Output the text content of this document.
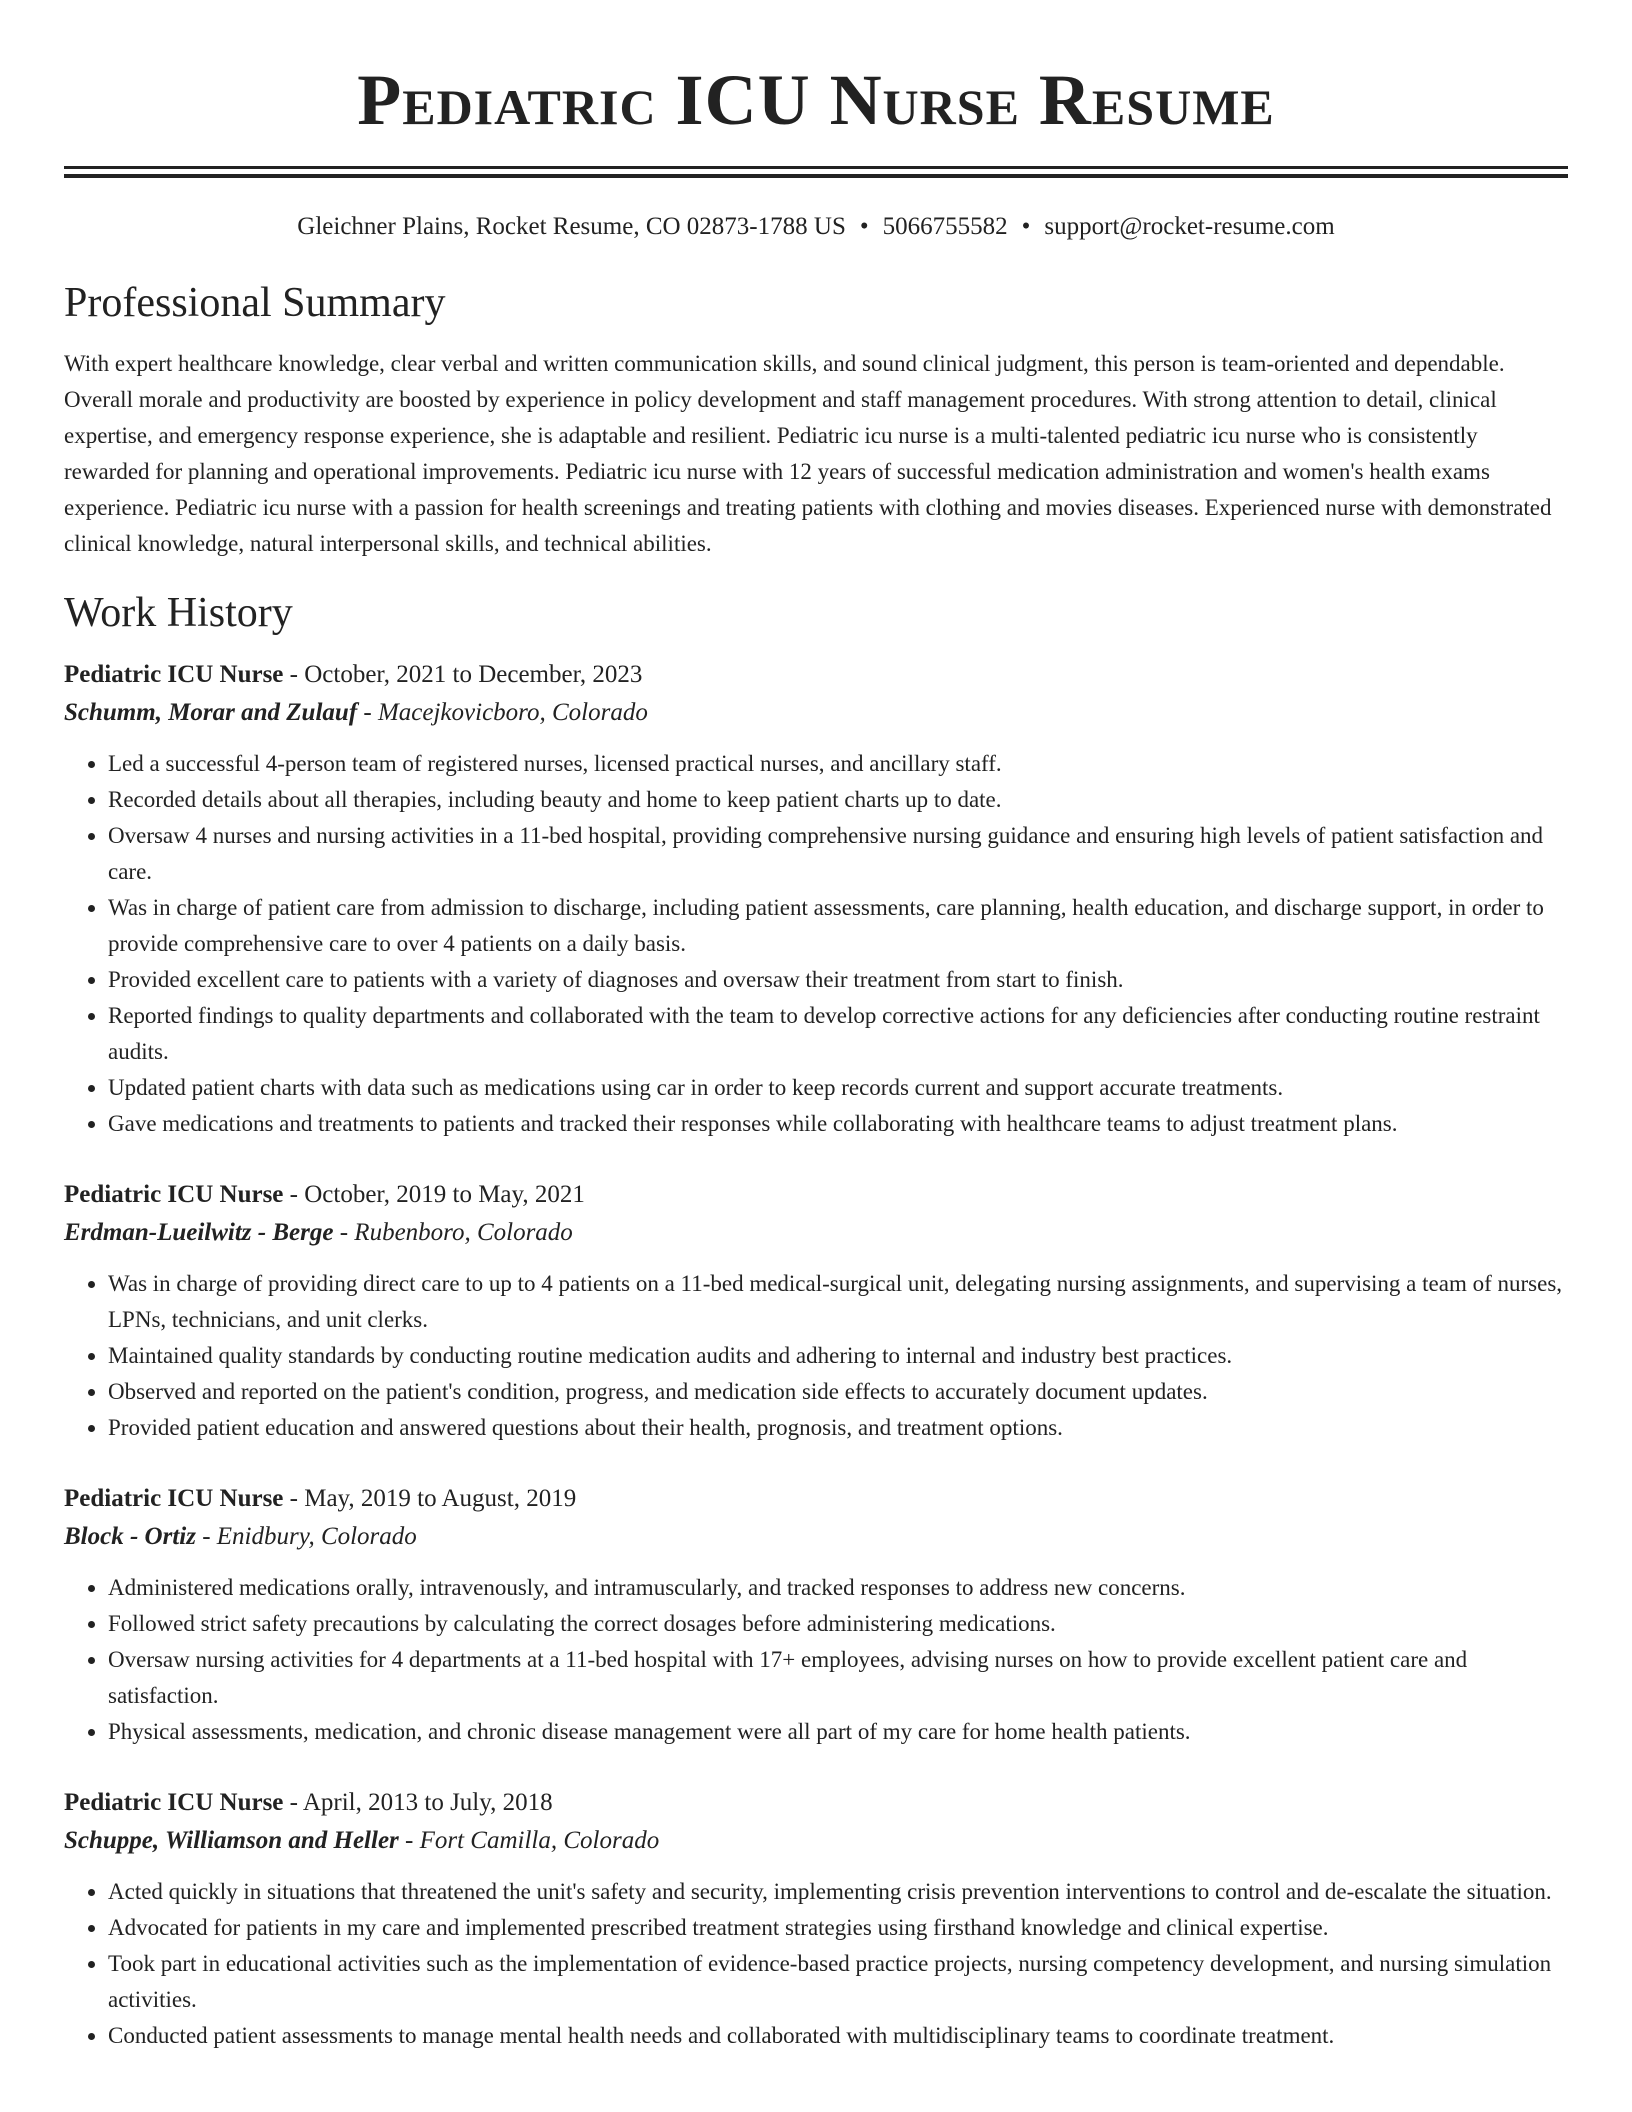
Pediatric ICU Nurse Resume
Gleichner Plains, Rocket Resume, CO 02873-1788 US • 5066755582 • support@rocket-resume.com
Professional Summary

With expert healthcare knowledge, clear verbal and written communication skills, and sound clinical judgment, this person is team-oriented and dependable. Overall morale and productivity are boosted by experience in policy development and staff management procedures. With strong attention to detail, clinical expertise, and emergency response experience, she is adaptable and resilient. Pediatric icu nurse is a multi-talented pediatric icu nurse who is consistently rewarded for planning and operational improvements. Pediatric icu nurse with 12 years of successful medication administration and women's health exams experience. Pediatric icu nurse with a passion for health screenings and treating patients with clothing and movies diseases. Experienced nurse with demonstrated clinical knowledge, natural interpersonal skills, and technical abilities.

Work History
Pediatric ICU Nurse - October, 2021 to December, 2023
Schumm, Morar and Zulauf - Macejkovicboro, Colorado
• Led a successful 4-person team of registered nurses, licensed practical nurses, and ancillary staff.
• Recorded details about all therapies, including beauty and home to keep patient charts up to date.
• Oversaw 4 nurses and nursing activities in a 11-bed hospital, providing comprehensive nursing guidance and ensuring high levels of patient satisfaction and care.
• Was in charge of patient care from admission to discharge, including patient assessments, care planning, health education, and discharge support, in order to provide comprehensive care to over 4 patients on a daily basis.
• Provided excellent care to patients with a variety of diagnoses and oversaw their treatment from start to finish.
• Reported findings to quality departments and collaborated with the team to develop corrective actions for any deficiencies after conducting routine restraint audits.
• Updated patient charts with data such as medications using car in order to keep records current and support accurate treatments.
• Gave medications and treatments to patients and tracked their responses while collaborating with healthcare teams to adjust treatment plans.
Pediatric ICU Nurse - October, 2019 to May, 2021
Erdman-Lueilwitz - Berge - Rubenboro, Colorado
• Was in charge of providing direct care to up to 4 patients on a 11-bed medical-surgical unit, delegating nursing assignments, and supervising a team of nurses, LPNs, technicians, and unit clerks.
• Maintained quality standards by conducting routine medication audits and adhering to internal and industry best practices.
• Observed and reported on the patient's condition, progress, and medication side effects to accurately document updates.
• Provided patient education and answered questions about their health, prognosis, and treatment options.
Pediatric ICU Nurse - May, 2019 to August, 2019
Block - Ortiz - Enidbury, Colorado
• Administered medications orally, intravenously, and intramuscularly, and tracked responses to address new concerns.
• Followed strict safety precautions by calculating the correct dosages before administering medications.
• Oversaw nursing activities for 4 departments at a 11-bed hospital with 17+ employees, advising nurses on how to provide excellent patient care and satisfaction.
• Physical assessments, medication, and chronic disease management were all part of my care for home health patients.
Pediatric ICU Nurse - April, 2013 to July, 2018
Schuppe, Williamson and Heller - Fort Camilla, Colorado
• Acted quickly in situations that threatened the unit's safety and security, implementing crisis prevention interventions to control and de-escalate the situation.
• Advocated for patients in my care and implemented prescribed treatment strategies using firsthand knowledge and clinical expertise.
• Took part in educational activities such as the implementation of evidence-based practice projects, nursing competency development, and nursing simulation activities.
• Conducted patient assessments to manage mental health needs and collaborated with multidisciplinary teams to coordinate treatment.
